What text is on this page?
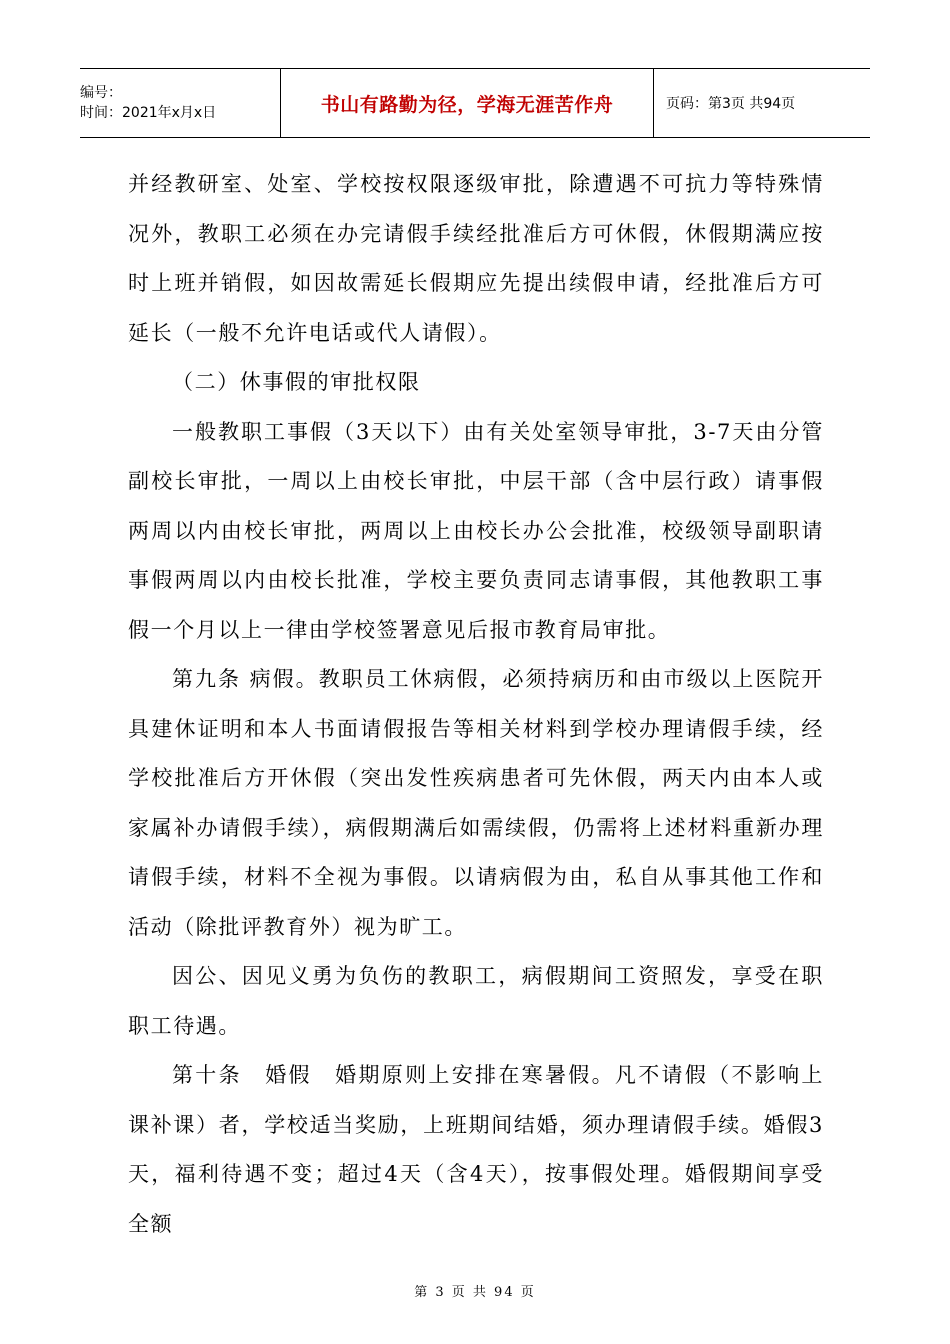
编号：
时间：2021年x月x日	书山有路勤为径，学海无涯苦作舟	页码：第3页 共94页

并经教研室、处室、学校按权限逐级审批，除遭遇不可抗力等特殊情况外，教职工必须在办完请假手续经批准后方可休假，休假期满应按时上班并销假，如因故需延长假期应先提出续假申请，经批准后方可延长（一般不允许电话或代人请假）。

（二）休事假的审批权限

一般教职工事假（3天以下）由有关处室领导审批，3-7天由分管副校长审批，一周以上由校长审批，中层干部（含中层行政）请事假两周以内由校长审批，两周以上由校长办公会批准，校级领导副职请事假两周以内由校长批准，学校主要负责同志请事假，其他教职工事假一个月以上一律由学校签署意见后报市教育局审批。

第九条 病假。教职员工休病假，必须持病历和由市级以上医院开具建休证明和本人书面请假报告等相关材料到学校办理请假手续，经学校批准后方开休假（突出发性疾病患者可先休假，两天内由本人或家属补办请假手续），病假期满后如需续假，仍需将上述材料重新办理请假手续，材料不全视为事假。以请病假为由，私自从事其他工作和活动（除批评教育外）视为旷工。

因公、因见义勇为负伤的教职工，病假期间工资照发，享受在职职工待遇。

第十条　婚假　婚期原则上安排在寒暑假。凡不请假（不影响上课补课）者，学校适当奖励，上班期间结婚，须办理请假手续。婚假3天，福利待遇不变；超过4天（含4天），按事假处理。婚假期间享受全额

第 3 页 共 94 页
